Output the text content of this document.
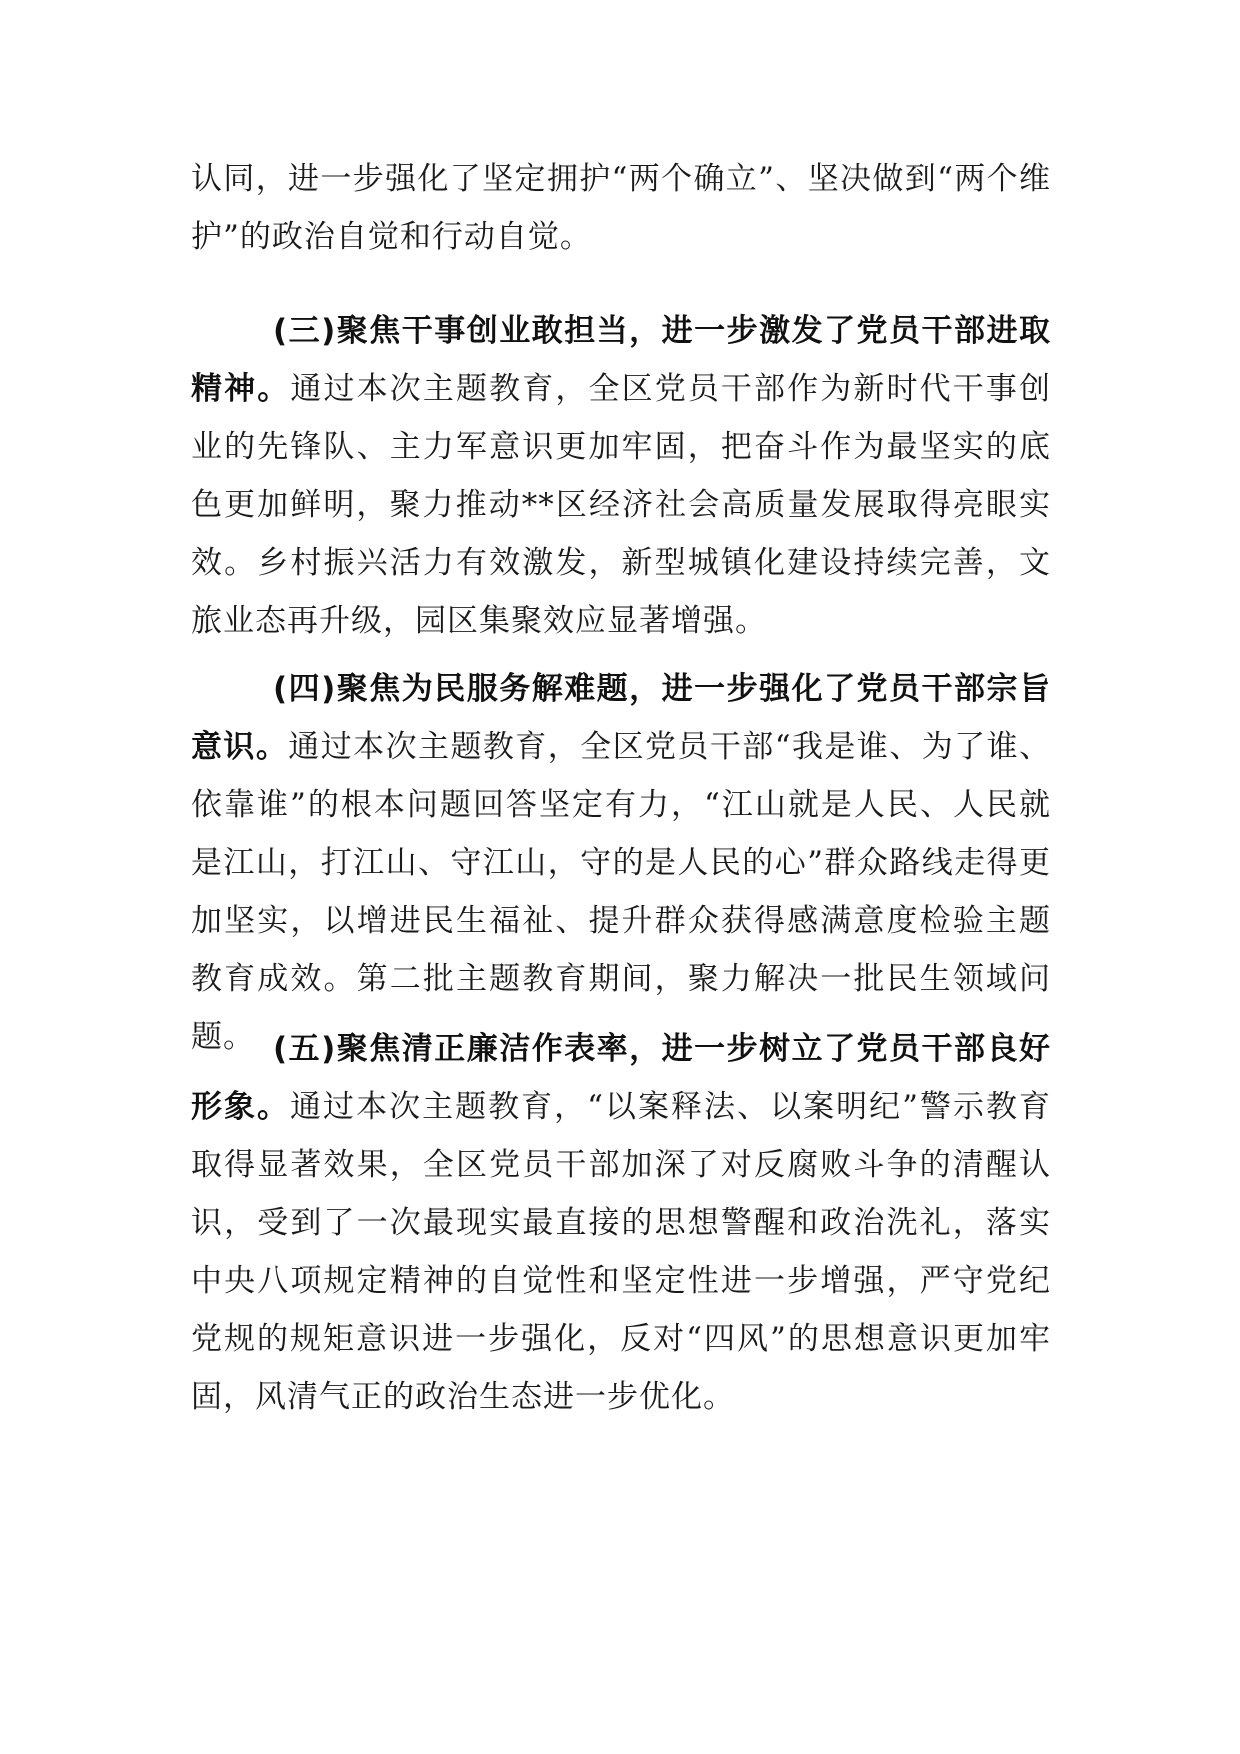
认同，进一步强化了坚定拥护“两个确立”、坚决做到“两个维护”的政治自觉和行动自觉。

(三)聚焦干事创业敢担当，进一步激发了党员干部进取精神。通过本次主题教育，全区党员干部作为新时代干事创业的先锋队、主力军意识更加牢固，把奋斗作为最坚实的底色更加鲜明，聚力推动**区经济社会高质量发展取得亮眼实效。乡村振兴活力有效激发，新型城镇化建设持续完善，文旅业态再升级，园区集聚效应显著增强。

(四)聚焦为民服务解难题，进一步强化了党员干部宗旨意识。通过本次主题教育，全区党员干部“我是谁、为了谁、依靠谁”的根本问题回答坚定有力，“江山就是人民、人民就是江山，打江山、守江山，守的是人民的心”群众路线走得更加坚实，以增进民生福祉、提升群众获得感满意度检验主题教育成效。第二批主题教育期间，聚力解决一批民生领域问题。 (五)聚焦清正廉洁作表率，进一步树立了党员干部良好形象。通过本次主题教育，“以案释法、以案明纪”警示教育取得显著效果，全区党员干部加深了对反腐败斗争的清醒认识，受到了一次最现实最直接的思想警醒和政治洗礼，落实中央八项规定精神的自觉性和坚定性进一步增强，严守党纪党规的规矩意识进一步强化，反对“四风”的思想意识更加牢固，风清气正的政治生态进一步优化。
